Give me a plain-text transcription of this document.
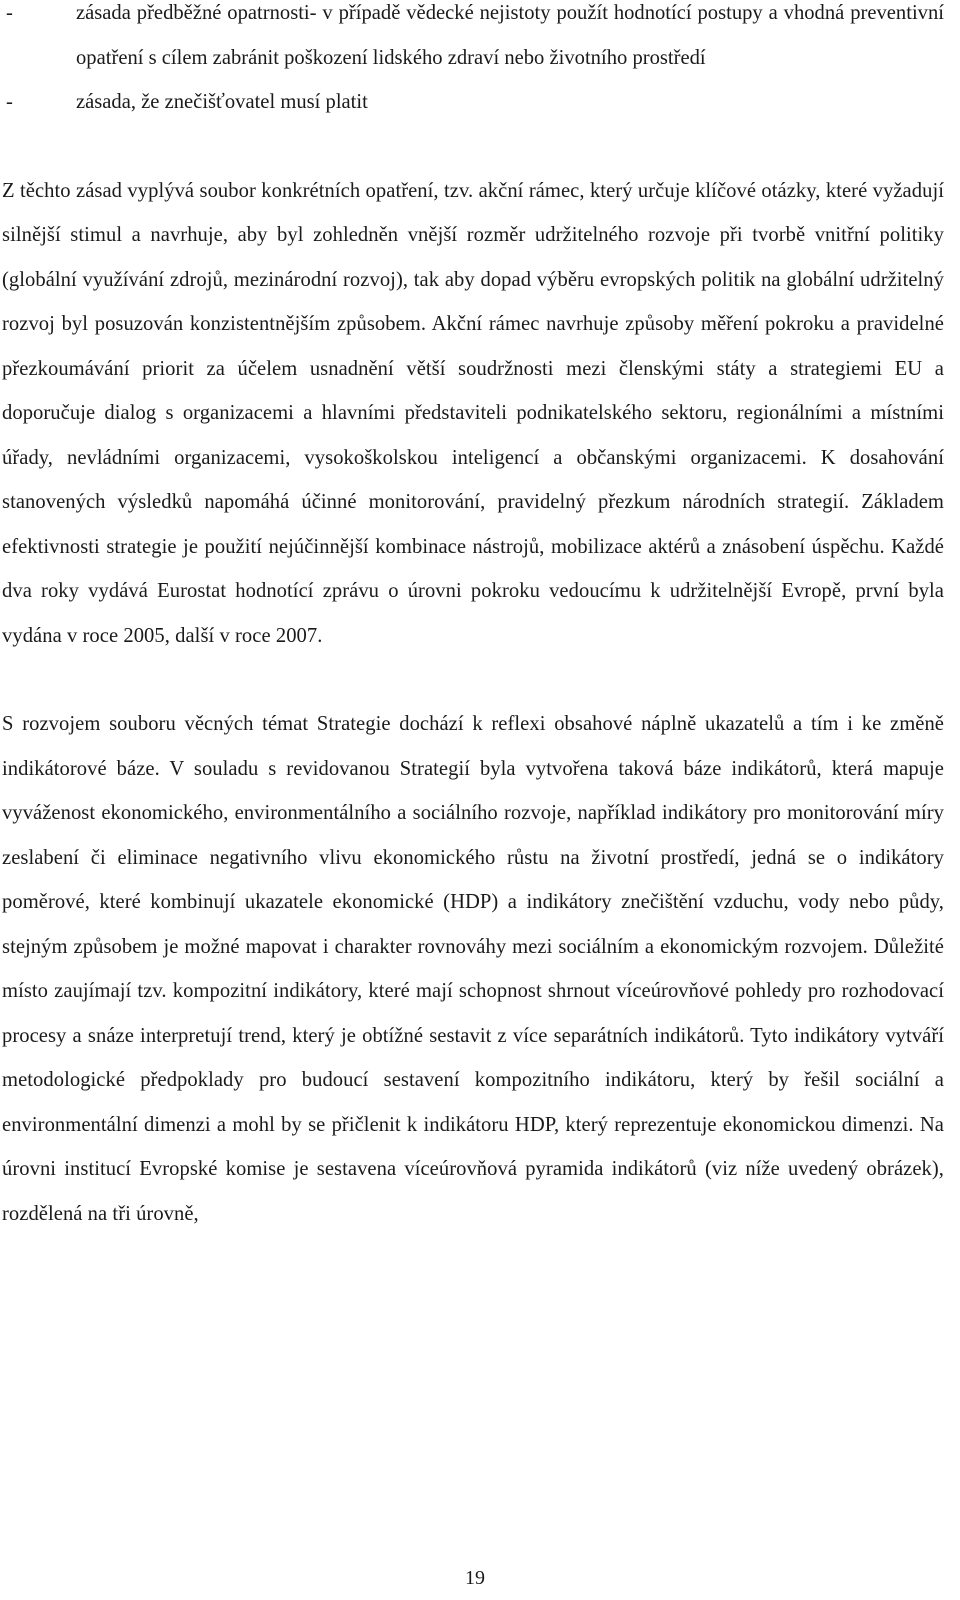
-	zásada předběžné opatrnosti- v případě vědecké nejistoty použít hodnotící postupy a vhodná preventivní opatření s cílem zabránit poškození lidského zdraví nebo životního prostředí

-	zásada, že znečišťovatel musí platit

Z těchto zásad vyplývá soubor konkrétních opatření, tzv. akční rámec, který určuje klíčové otázky, které vyžadují silnější stimul a navrhuje, aby byl zohledněn vnější rozměr udržitelného rozvoje při tvorbě vnitřní politiky (globální využívání zdrojů, mezinárodní rozvoj), tak aby dopad výběru evropských politik na globální udržitelný rozvoj byl posuzován konzistentnějším způsobem. Akční rámec navrhuje způsoby měření pokroku a pravidelné přezkoumávání priorit za účelem usnadnění větší soudržnosti mezi členskými státy a strategiemi EU a doporučuje dialog s organizacemi a hlavními představiteli podnikatelského sektoru, regionálními a místními úřady, nevládními organizacemi, vysokoškolskou inteligencí a občanskými organizacemi. K dosahování stanovených výsledků napomáhá účinné monitorování, pravidelný přezkum národních strategií. Základem efektivnosti strategie je použití nejúčinnější kombinace nástrojů, mobilizace aktérů a znásobení úspěchu. Každé dva roky vydává Eurostat hodnotící zprávu o úrovni pokroku vedoucímu k udržitelnější Evropě, první byla vydána v roce 2005, další v roce 2007.

S rozvojem souboru věcných témat Strategie dochází k reflexi obsahové náplně ukazatelů a tím i ke změně indikátorové báze. V souladu s revidovanou Strategií byla vytvořena taková báze indikátorů, která mapuje vyváženost ekonomického, environmentálního a sociálního rozvoje, například indikátory pro monitorování míry zeslabení či eliminace negativního vlivu ekonomického růstu na životní prostředí, jedná se o indikátory poměrové, které kombinují ukazatele ekonomické (HDP) a indikátory znečištění vzduchu, vody nebo půdy, stejným způsobem je možné mapovat i charakter rovnováhy mezi sociálním a ekonomickým rozvojem. Důležité místo zaujímají tzv. kompozitní indikátory, které mají schopnost shrnout víceúrovňové pohledy pro rozhodovací procesy a snáze interpretují trend, který je obtížné sestavit z více separátních indikátorů. Tyto indikátory vytváří metodologické předpoklady pro budoucí sestavení kompozitního indikátoru, který by řešil sociální a environmentální dimenzi a mohl by se přičlenit k indikátoru HDP, který reprezentuje ekonomickou dimenzi. Na úrovni institucí Evropské komise je sestavena víceúrovňová pyramida indikátorů (viz níže uvedený obrázek), rozdělená na tři úrovně,

19
